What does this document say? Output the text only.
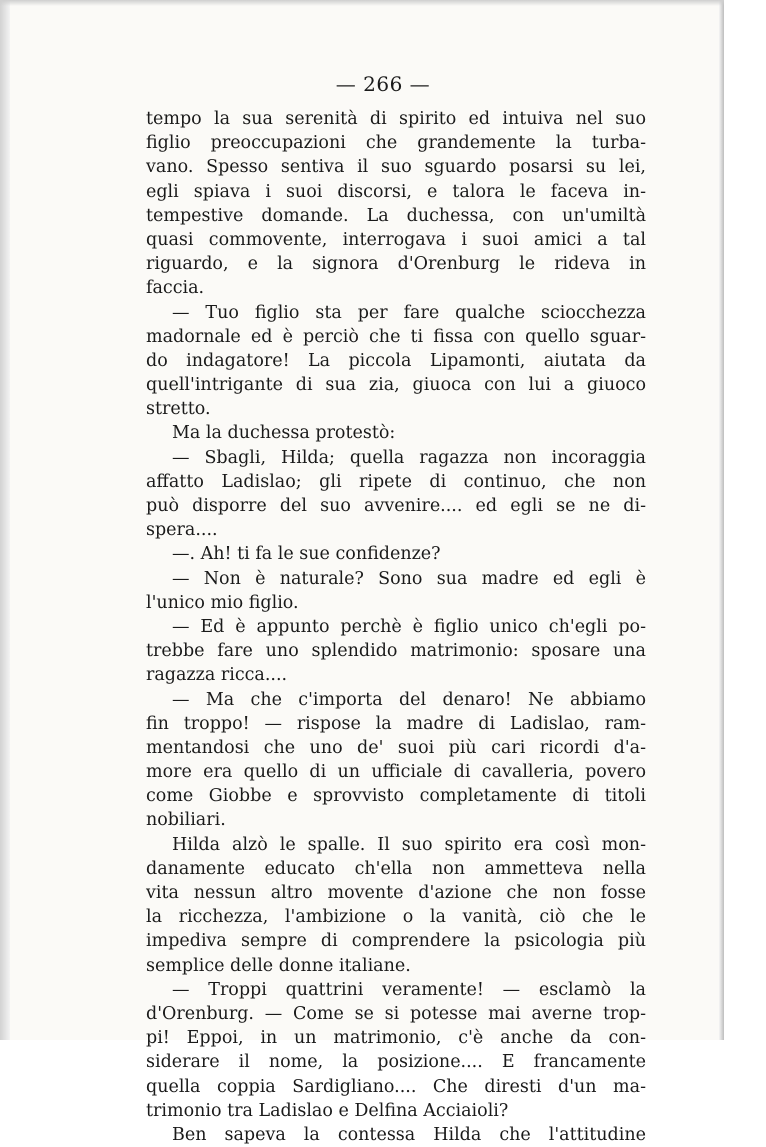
— 266 —
tempo la sua serenità di spirito ed intuiva nel suo
figlio preoccupazioni che grandemente la turba-
vano. Spesso sentiva il suo sguardo posarsi su lei,
egli spiava i suoi discorsi, e talora le faceva in-
tempestive domande. La duchessa, con un'umiltà
quasi commovente, interrogava i suoi amici a tal
riguardo, e la signora d'Orenburg le rideva in
faccia.
— Tuo figlio sta per fare qualche sciocchezza
madornale ed è perciò che ti fissa con quello sguar-
do indagatore! La piccola Lipamonti, aiutata da
quell'intrigante di sua zia, giuoca con lui a giuoco
stretto.
Ma la duchessa protestò:
— Sbagli, Hilda; quella ragazza non incoraggia
affatto Ladislao; gli ripete di continuo, che non
può disporre del suo avvenire.... ed egli se ne di-
spera....
—. Ah! ti fa le sue confidenze?
— Non è naturale? Sono sua madre ed egli è
l'unico mio figlio.
— Ed è appunto perchè è figlio unico ch'egli po-
trebbe fare uno splendido matrimonio: sposare una
ragazza ricca....
— Ma che c'importa del denaro! Ne abbiamo
fin troppo! — rispose la madre di Ladislao, ram-
mentandosi che uno de' suoi più cari ricordi d'a-
more era quello di un ufficiale di cavalleria, povero
come Giobbe e sprovvisto completamente di titoli
nobiliari.
Hilda alzò le spalle. Il suo spirito era così mon-
danamente educato ch'ella non ammetteva nella
vita nessun altro movente d'azione che non fosse
la ricchezza, l'ambizione o la vanità, ciò che le
impediva sempre di comprendere la psicologia più
semplice delle donne italiane.
— Troppi quattrini veramente! — esclamò la
d'Orenburg. — Come se si potesse mai averne trop-
pi! Eppoi, in un matrimonio, c'è anche da con-
siderare il nome, la posizione.... E francamente
quella coppia Sardigliano.... Che diresti d'un ma-
trimonio tra Ladislao e Delfina Acciaioli?
Ben sapeva la contessa Hilda che l'attitudine
